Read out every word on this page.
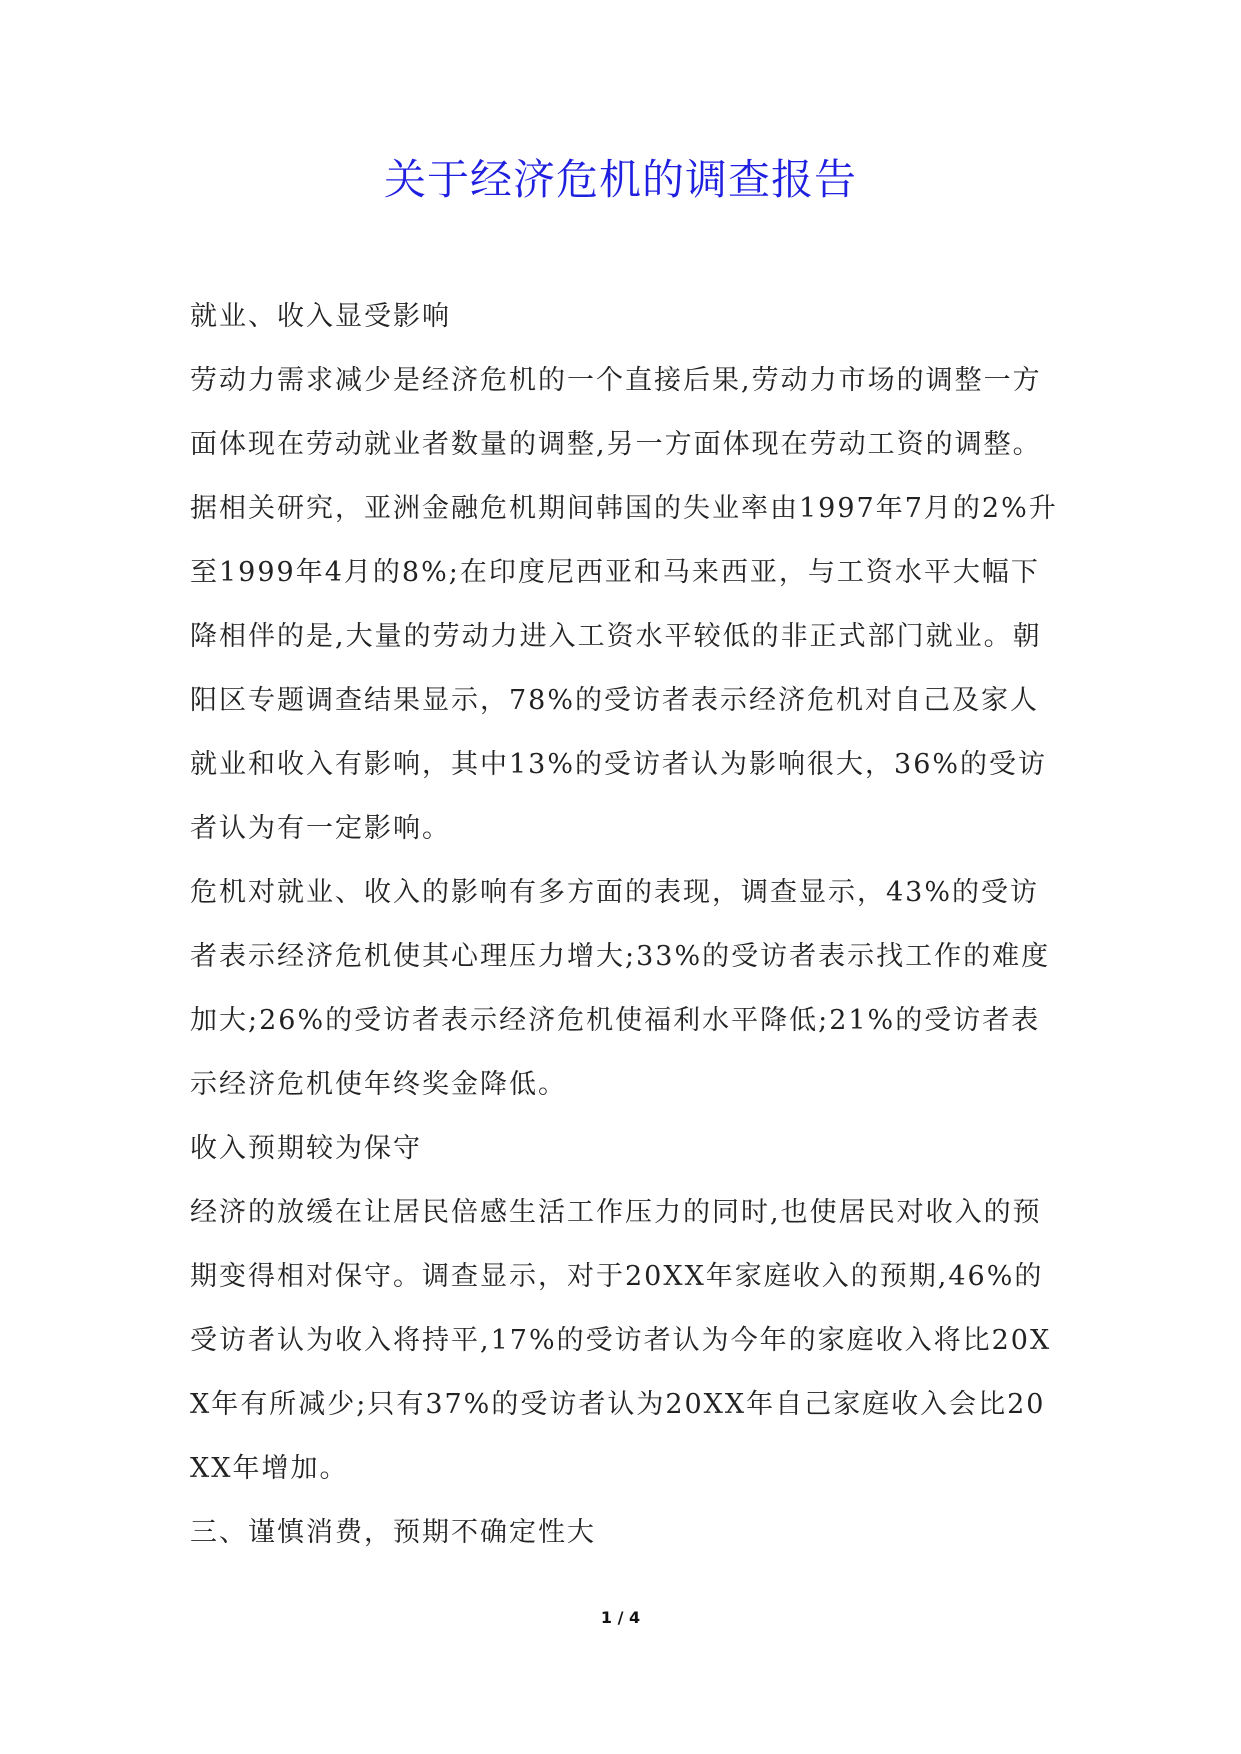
关于经济危机的调查报告

就业、收入显受影响

劳动力需求减少是经济危机的一个直接后果,劳动力市场的调整一方面体现在劳动就业者数量的调整,另一方面体现在劳动工资的调整。据相关研究，亚洲金融危机期间韩国的失业率由1997年7月的2%升至1999年4月的8%;在印度尼西亚和马来西亚，与工资水平大幅下降相伴的是,大量的劳动力进入工资水平较低的非正式部门就业。朝阳区专题调查结果显示，78%的受访者表示经济危机对自己及家人就业和收入有影响，其中13%的受访者认为影响很大，36%的受访者认为有一定影响。

危机对就业、收入的影响有多方面的表现，调查显示，43%的受访者表示经济危机使其心理压力增大;33%的受访者表示找工作的难度加大;26%的受访者表示经济危机使福利水平降低;21%的受访者表示经济危机使年终奖金降低。

收入预期较为保守

经济的放缓在让居民倍感生活工作压力的同时,也使居民对收入的预期变得相对保守。调查显示，对于20XX年家庭收入的预期,46%的受访者认为收入将持平,17%的受访者认为今年的家庭收入将比20XX年有所减少;只有37%的受访者认为20XX年自己家庭收入会比20XX年增加。

三、谨慎消费，预期不确定性大

1 / 4
